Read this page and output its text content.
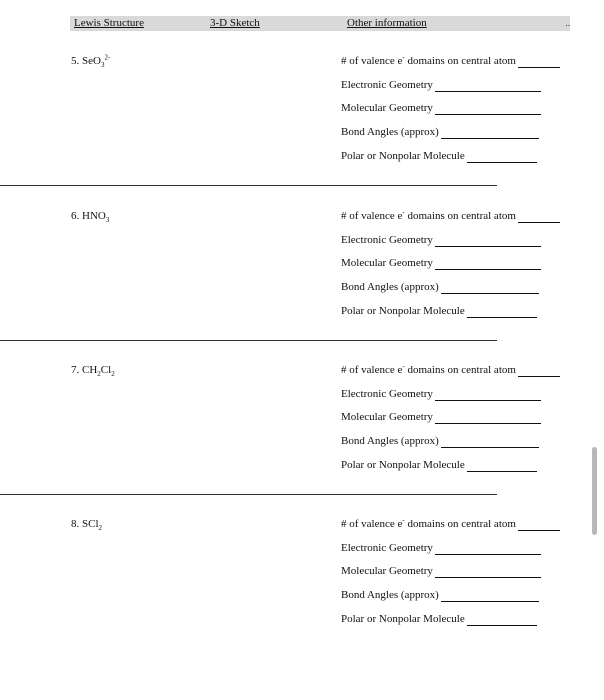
Lewis Structure	3-D Sketch	Other information	..
5. SeO$_3^{2-}$	# of valence e- domains on central atom
Electronic Geometry
Molecular Geometry
Bond Angles (approx)
Polar or Nonpolar Molecule
6. $HNO_3$	# of valence e- domains on central atom
Electronic Geometry
Molecular Geometry
Bond Angles (approx)
Polar or Nonpolar Molecule
7. $CH_2Cl_2$	# of valence e- domains on central atom
Electronic Geometry
Molecular Geometry
Bond Angles (approx)
Polar or Nonpolar Molecule
8. SCl$_2$	# of valence e- domains on central atom
Electronic Geometry
Molecular Geometry
Bond Angles (approx)
Polar or Nonpolar Molecule
